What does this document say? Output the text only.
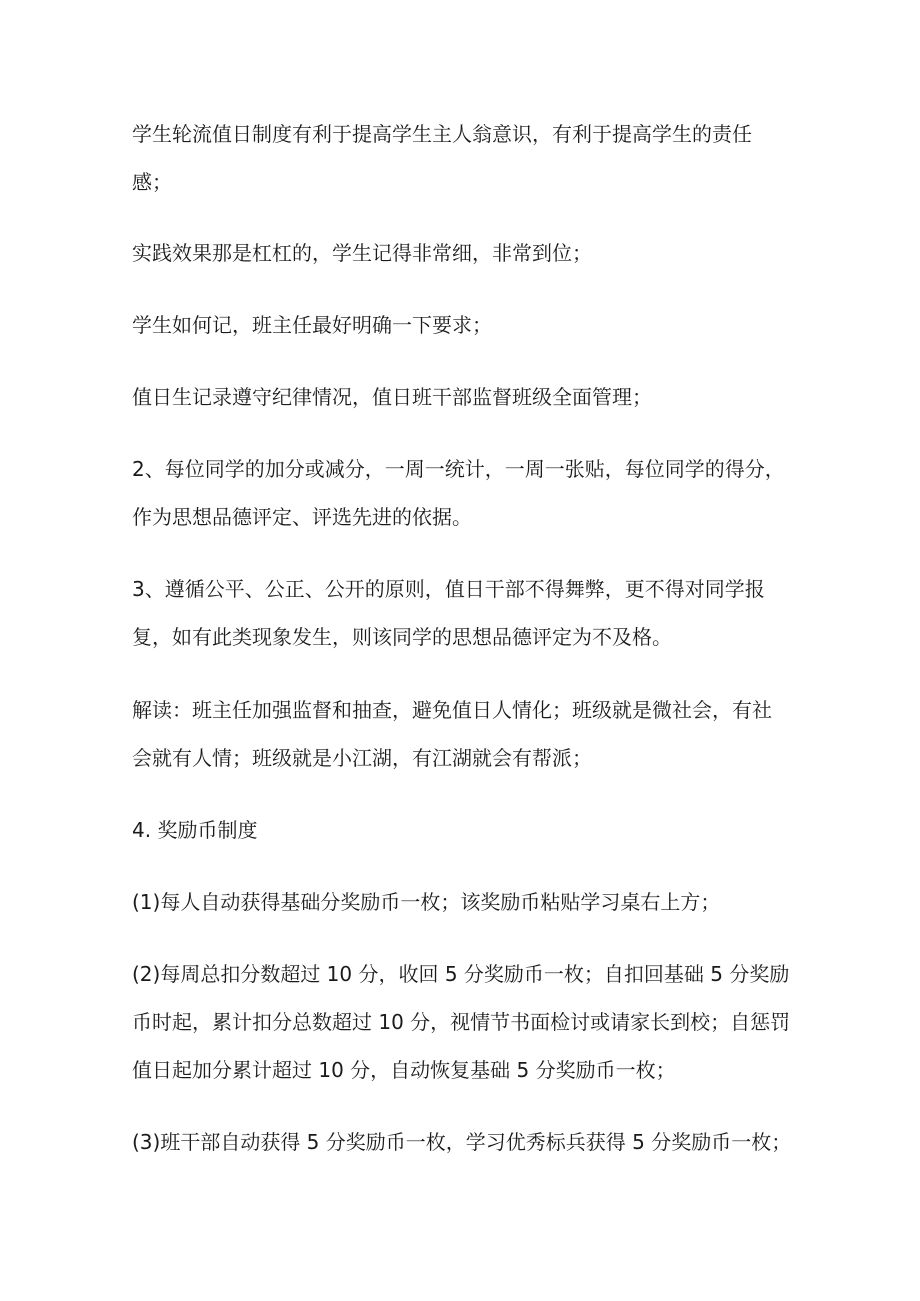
学生轮流值日制度有利于提高学生主人翁意识，有利于提高学生的责任
感；

实践效果那是杠杠的，学生记得非常细，非常到位；

学生如何记，班主任最好明确一下要求；

值日生记录遵守纪律情况，值日班干部监督班级全面管理；

2、每位同学的加分或减分，一周一统计，一周一张贴，每位同学的得分，
作为思想品德评定、评选先进的依据。

3、遵循公平、公正、公开的原则，值日干部不得舞弊，更不得对同学报
复，如有此类现象发生，则该同学的思想品德评定为不及格。

解读：班主任加强监督和抽查，避免值日人情化；班级就是微社会，有社
会就有人情；班级就是小江湖，有江湖就会有帮派；

4. 奖励币制度

(1)每人自动获得基础分奖励币一枚；该奖励币粘贴学习桌右上方；

(2)每周总扣分数超过 10 分，收回 5 分奖励币一枚；自扣回基础 5 分奖励
币时起，累计扣分总数超过 10 分，视情节书面检讨或请家长到校；自惩罚
值日起加分累计超过 10 分，自动恢复基础 5 分奖励币一枚；

(3)班干部自动获得 5 分奖励币一枚，学习优秀标兵获得 5 分奖励币一枚；
